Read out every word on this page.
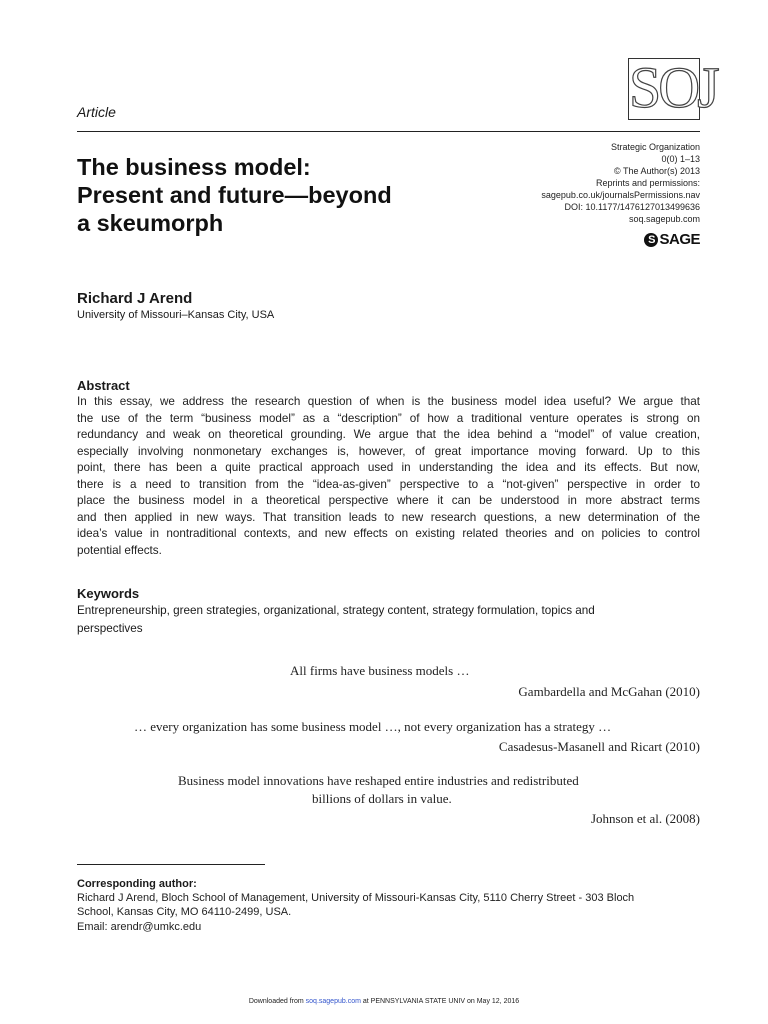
SOJ
Article
The business model:
Present and future—beyond
a skeumorph
Strategic Organization
0(0) 1–13
© The Author(s) 2013
Reprints and permissions:
sagepub.co.uk/journalsPermissions.nav
DOI: 10.1177/1476127013499636
soq.sagepub.com
S SAGE
Richard J Arend
University of Missouri–Kansas City, USA
Abstract
In this essay, we address the research question of when is the business model idea useful? We argue that
the use of the term “business model” as a “description” of how a traditional venture operates is strong on
redundancy and weak on theoretical grounding. We argue that the idea behind a “model” of value creation,
especially involving nonmonetary exchanges is, however, of great importance moving forward. Up to this
point, there has been a quite practical approach used in understanding the idea and its effects. But now,
there is a need to transition from the “idea-as-given” perspective to a “not-given” perspective in order to
place the business model in a theoretical perspective where it can be understood in more abstract terms
and then applied in new ways. That transition leads to new research questions, a new determination of the
idea’s value in nontraditional contexts, and new effects on existing related theories and on policies to control
potential effects.
Keywords
Entrepreneurship, green strategies, organizational, strategy content, strategy formulation, topics and
perspectives
All firms have business models …
Gambardella and McGahan (2010)
… every organization has some business model …, not every organization has a strategy …
Casadesus-Masanell and Ricart (2010)
Business model innovations have reshaped entire industries and redistributed
billions of dollars in value.
Johnson et al. (2008)
Corresponding author:
Richard J Arend, Bloch School of Management, University of Missouri-Kansas City, 5110 Cherry Street - 303 Bloch
School, Kansas City, MO 64110-2499, USA.
Email: arendr@umkc.edu
Downloaded from soq.sagepub.com at PENNSYLVANIA STATE UNIV on May 12, 2016
